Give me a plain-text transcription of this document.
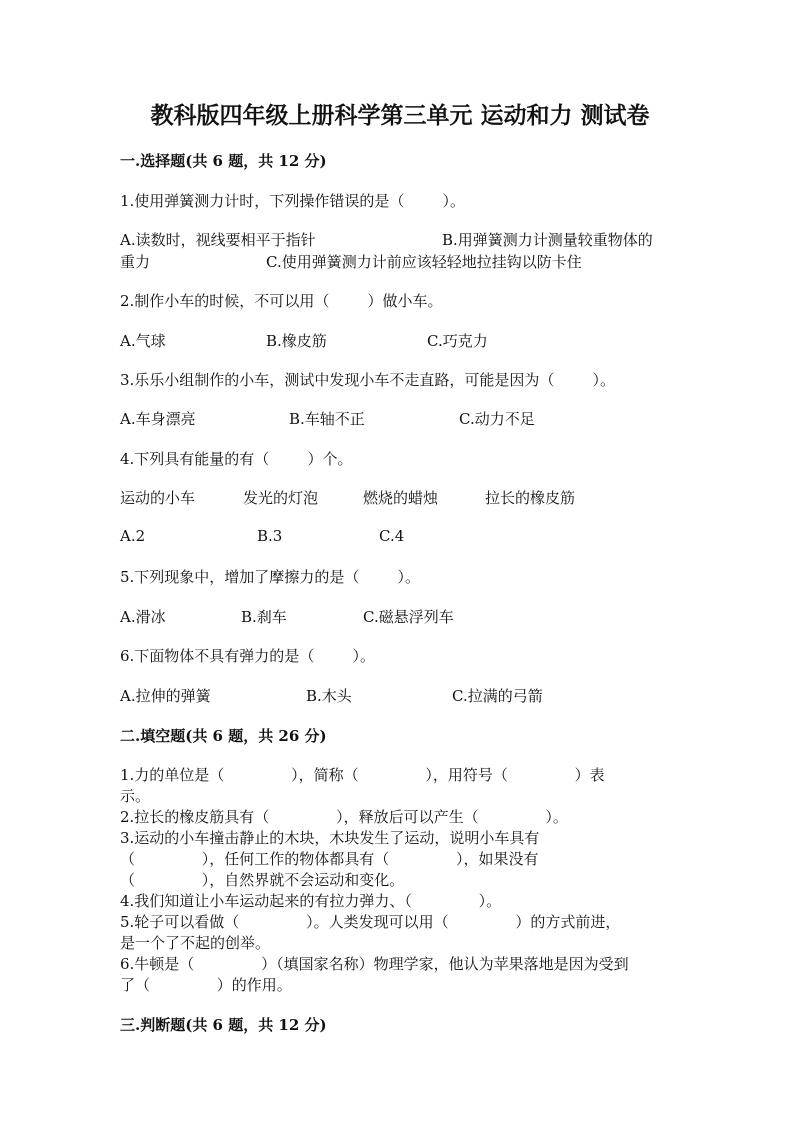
教科版四年级上册科学第三单元 运动和力 测试卷
一.选择题(共 6 题，共 12 分)
1.使用弹簧测力计时，下列操作错误的是（        ）。
A.读数时，视线要相平于指针	B.用弹簧测力计测量较重物体的
重力	C.使用弹簧测力计前应该轻轻地拉挂钩以防卡住
2.制作小车的时候，不可以用（        ）做小车。
A.气球	B.橡皮筋	C.巧克力
3.乐乐小组制作的小车，测试中发现小车不走直路，可能是因为（        ）。
A.车身漂亮	B.车轴不正	C.动力不足
4.下列具有能量的有（        ）个。
运动的小车	发光的灯泡	燃烧的蜡烛	拉长的橡皮筋
A.2	B.3	C.4
5.下列现象中，增加了摩擦力的是（        ）。
A.滑冰	B.刹车	C.磁悬浮列车
6.下面物体不具有弹力的是（        ）。
A.拉伸的弹簧	B.木头	C.拉满的弓箭
二.填空题(共 6 题，共 26 分)
1.力的单位是（              ），简称（              ），用符号（              ）表
示。
2.拉长的橡皮筋具有（              ），释放后可以产生（              ）。
3.运动的小车撞击静止的木块，木块发生了运动，说明小车具有
（              ），任何工作的物体都具有（              ），如果没有
（              ），自然界就不会运动和变化。
4.我们知道让小车运动起来的有拉力弹力、（              ）。
5.轮子可以看做（              ）。人类发现可以用（              ）的方式前进，
是一个了不起的创举。
6.牛顿是（              ）（填国家名称）物理学家，他认为苹果落地是因为受到
了（              ）的作用。
三.判断题(共 6 题，共 12 分)
